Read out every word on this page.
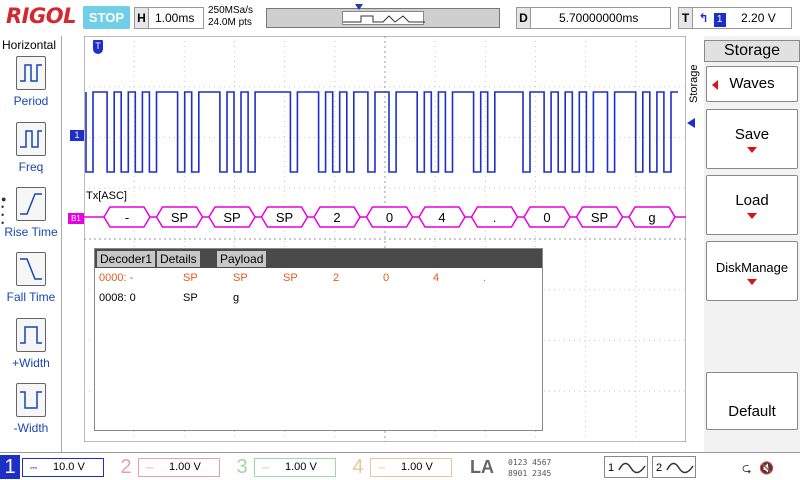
RIGOL STOP	H 1.00ms
250MSa/s
24.0M pts	D	5.70000000ms	T ↰ 1 2.20 V
Horizontal
Period
Freq
Rise Time
Fall Time
+Width
-Width
●
•
•
•	-	SP	SP	SP	2	0	4	.	0	SP	g
T
1
B1
Tx[ASC]
Decoder1 Details Payload
0000: -	SP	SP	SP	2	0	4	.
0008: 0	SP	g
Storage
Storage
Waves
Save
Load
DiskManage
Default
1	10.0 V
⎓	2	1.00 V
⎓	3	1.00 V
⎓	4	1.00 V
⎓	LA 0123 4567
8901 2345	1	2	⮎ 🔇
